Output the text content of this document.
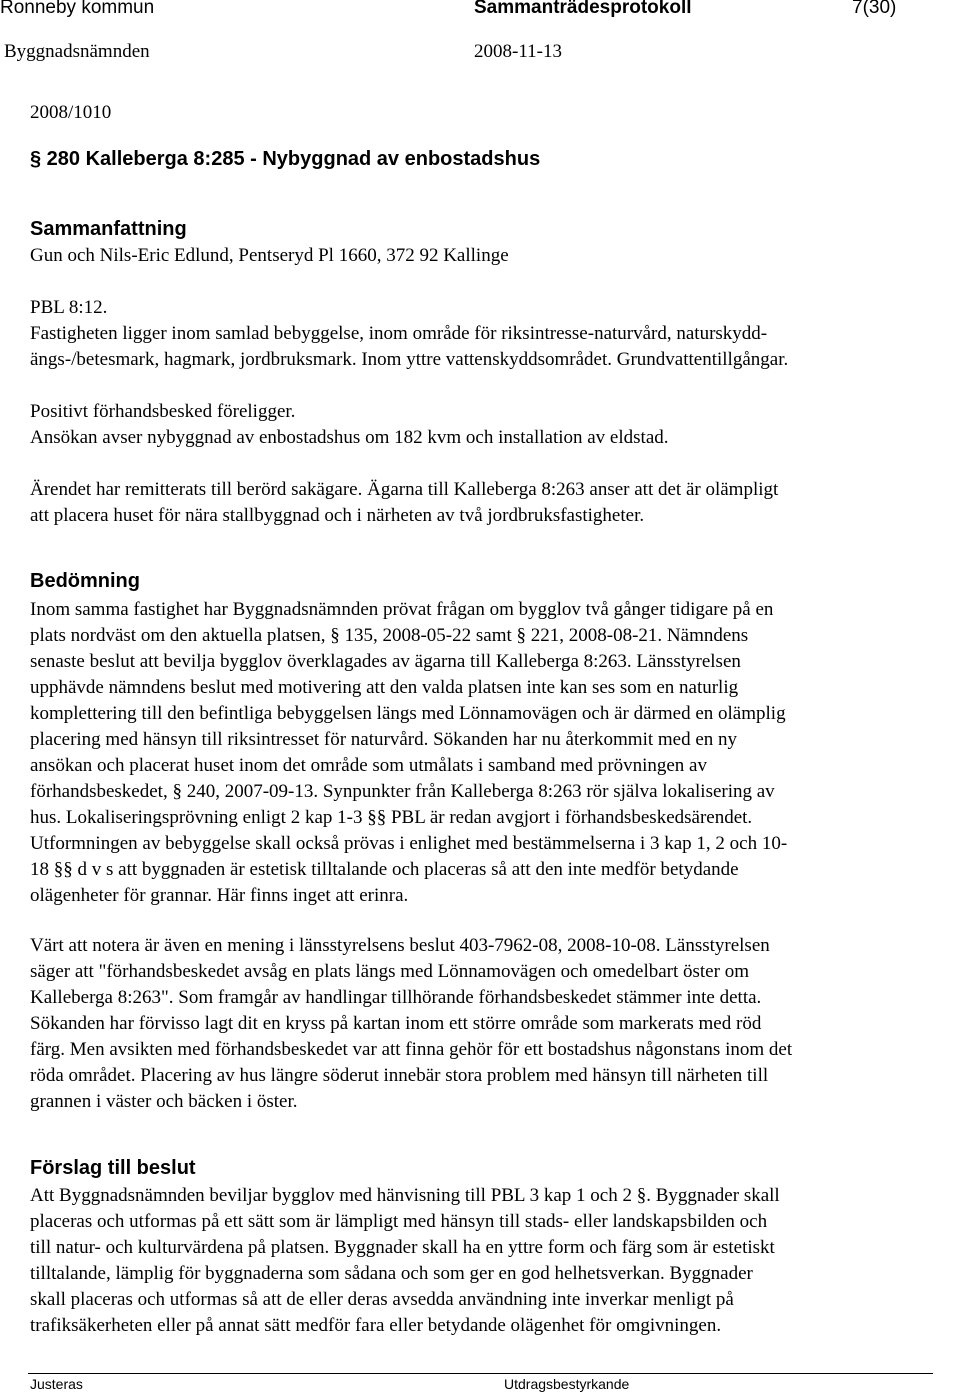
Ronneby kommun	Sammanträdesprotokoll	7(30)
Byggnadsnämnden	2008-11-13
2008/1010
§ 280 Kalleberga 8:285 - Nybyggnad av enbostadshus
Sammanfattning
Gun och Nils-Eric Edlund, Pentseryd Pl 1660, 372 92 Kallinge
PBL 8:12.
Fastigheten ligger inom samlad bebyggelse, inom område för riksintresse-naturvård, naturskydd-
ängs-/betesmark, hagmark, jordbruksmark. Inom yttre vattenskyddsområdet. Grundvattentillgångar.
Positivt förhandsbesked föreligger.
Ansökan avser nybyggnad av enbostadshus om 182 kvm och installation av eldstad.
Ärendet har remitterats till berörd sakägare. Ägarna till Kalleberga 8:263 anser att det är olämpligt
att placera huset för nära stallbyggnad och i närheten av två jordbruksfastigheter.
Bedömning
Inom samma fastighet har Byggnadsnämnden prövat frågan om bygglov två gånger tidigare på en
plats nordväst om den aktuella platsen, § 135, 2008-05-22 samt § 221, 2008-08-21. Nämndens
senaste beslut att bevilja bygglov överklagades av ägarna till Kalleberga 8:263. Länsstyrelsen
upphävde nämndens beslut med motivering att den valda platsen inte kan ses som en naturlig
komplettering till den befintliga bebyggelsen längs med Lönnamovägen och är därmed en olämplig
placering med hänsyn till riksintresset för naturvård. Sökanden har nu återkommit med en ny
ansökan och placerat huset inom det område som utmålats i samband med prövningen av
förhandsbeskedet, § 240, 2007-09-13. Synpunkter från Kalleberga 8:263 rör själva lokalisering av
hus. Lokaliseringsprövning enligt 2 kap 1-3 §§ PBL är redan avgjort i förhandsbeskedsärendet.
Utformningen av bebyggelse skall också prövas i enlighet med bestämmelserna i 3 kap 1, 2 och 10-
18 §§ d v s att byggnaden är estetisk tilltalande och placeras så att den inte medför betydande
olägenheter för grannar. Här finns inget att erinra.
Värt att notera är även en mening i länsstyrelsens beslut 403-7962-08, 2008-10-08. Länsstyrelsen
säger att "förhandsbeskedet avsåg en plats längs med Lönnamovägen och omedelbart öster om
Kalleberga 8:263". Som framgår av handlingar tillhörande förhandsbeskedet stämmer inte detta.
Sökanden har förvisso lagt dit en kryss på kartan inom ett större område som markerats med röd
färg. Men avsikten med förhandsbeskedet var att finna gehör för ett bostadshus någonstans inom det
röda området. Placering av hus längre söderut innebär stora problem med hänsyn till närheten till
grannen i väster och bäcken i öster.
Förslag till beslut
Att Byggnadsnämnden beviljar bygglov med hänvisning till PBL 3 kap 1 och 2 §. Byggnader skall
placeras och utformas på ett sätt som är lämpligt med hänsyn till stads- eller landskapsbilden och
till natur- och kulturvärdena på platsen. Byggnader skall ha en yttre form och färg som är estetiskt
tilltalande, lämplig för byggnaderna som sådana och som ger en god helhetsverkan. Byggnader
skall placeras och utformas så att de eller deras avsedda användning inte inverkar menligt på
trafiksäkerheten eller på annat sätt medför fara eller betydande olägenhet för omgivningen.
Justeras	Utdragsbestyrkande
